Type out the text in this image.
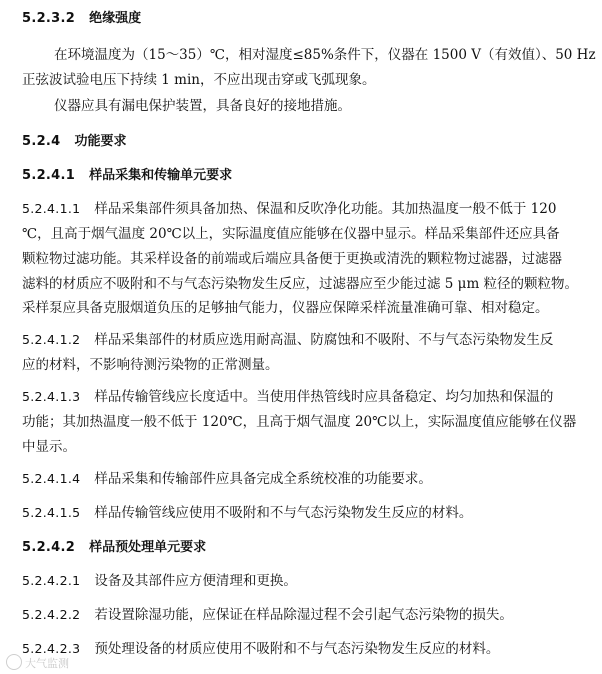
5.2.3.2 绝缘强度
在环境温度为（15～35）℃，相对湿度≤85%条件下，仪器在 1500 V（有效值）、50 Hz
正弦波试验电压下持续 1 min，不应出现击穿或飞弧现象。
仪器应具有漏电保护装置，具备良好的接地措施。
5.2.4 功能要求
5.2.4.1 样品采集和传输单元要求
5.2.4.1.1 样品采集部件须具备加热、保温和反吹净化功能。其加热温度一般不低于 120
℃，且高于烟气温度 20℃以上，实际温度值应能够在仪器中显示。样品采集部件还应具备
颗粒物过滤功能。其采样设备的前端或后端应具备便于更换或清洗的颗粒物过滤器，过滤器
滤料的材质应不吸附和不与气态污染物发生反应，过滤器应至少能过滤 5 μm 粒径的颗粒物。
采样泵应具备克服烟道负压的足够抽气能力，仪器应保障采样流量准确可靠、相对稳定。
5.2.4.1.2 样品采集部件的材质应选用耐高温、防腐蚀和不吸附、不与气态污染物发生反
应的材料，不影响待测污染物的正常测量。
5.2.4.1.3 样品传输管线应长度适中。当使用伴热管线时应具备稳定、均匀加热和保温的
功能；其加热温度一般不低于 120℃，且高于烟气温度 20℃以上，实际温度值应能够在仪器
中显示。
5.2.4.1.4 样品采集和传输部件应具备完成全系统校准的功能要求。
5.2.4.1.5 样品传输管线应使用不吸附和不与气态污染物发生反应的材料。
5.2.4.2 样品预处理单元要求
5.2.4.2.1 设备及其部件应方便清理和更换。
5.2.4.2.2 若设置除湿功能，应保证在样品除湿过程不会引起气态污染物的损失。
5.2.4.2.3 预处理设备的材质应使用不吸附和不与气态污染物发生反应的材料。
大气监测
